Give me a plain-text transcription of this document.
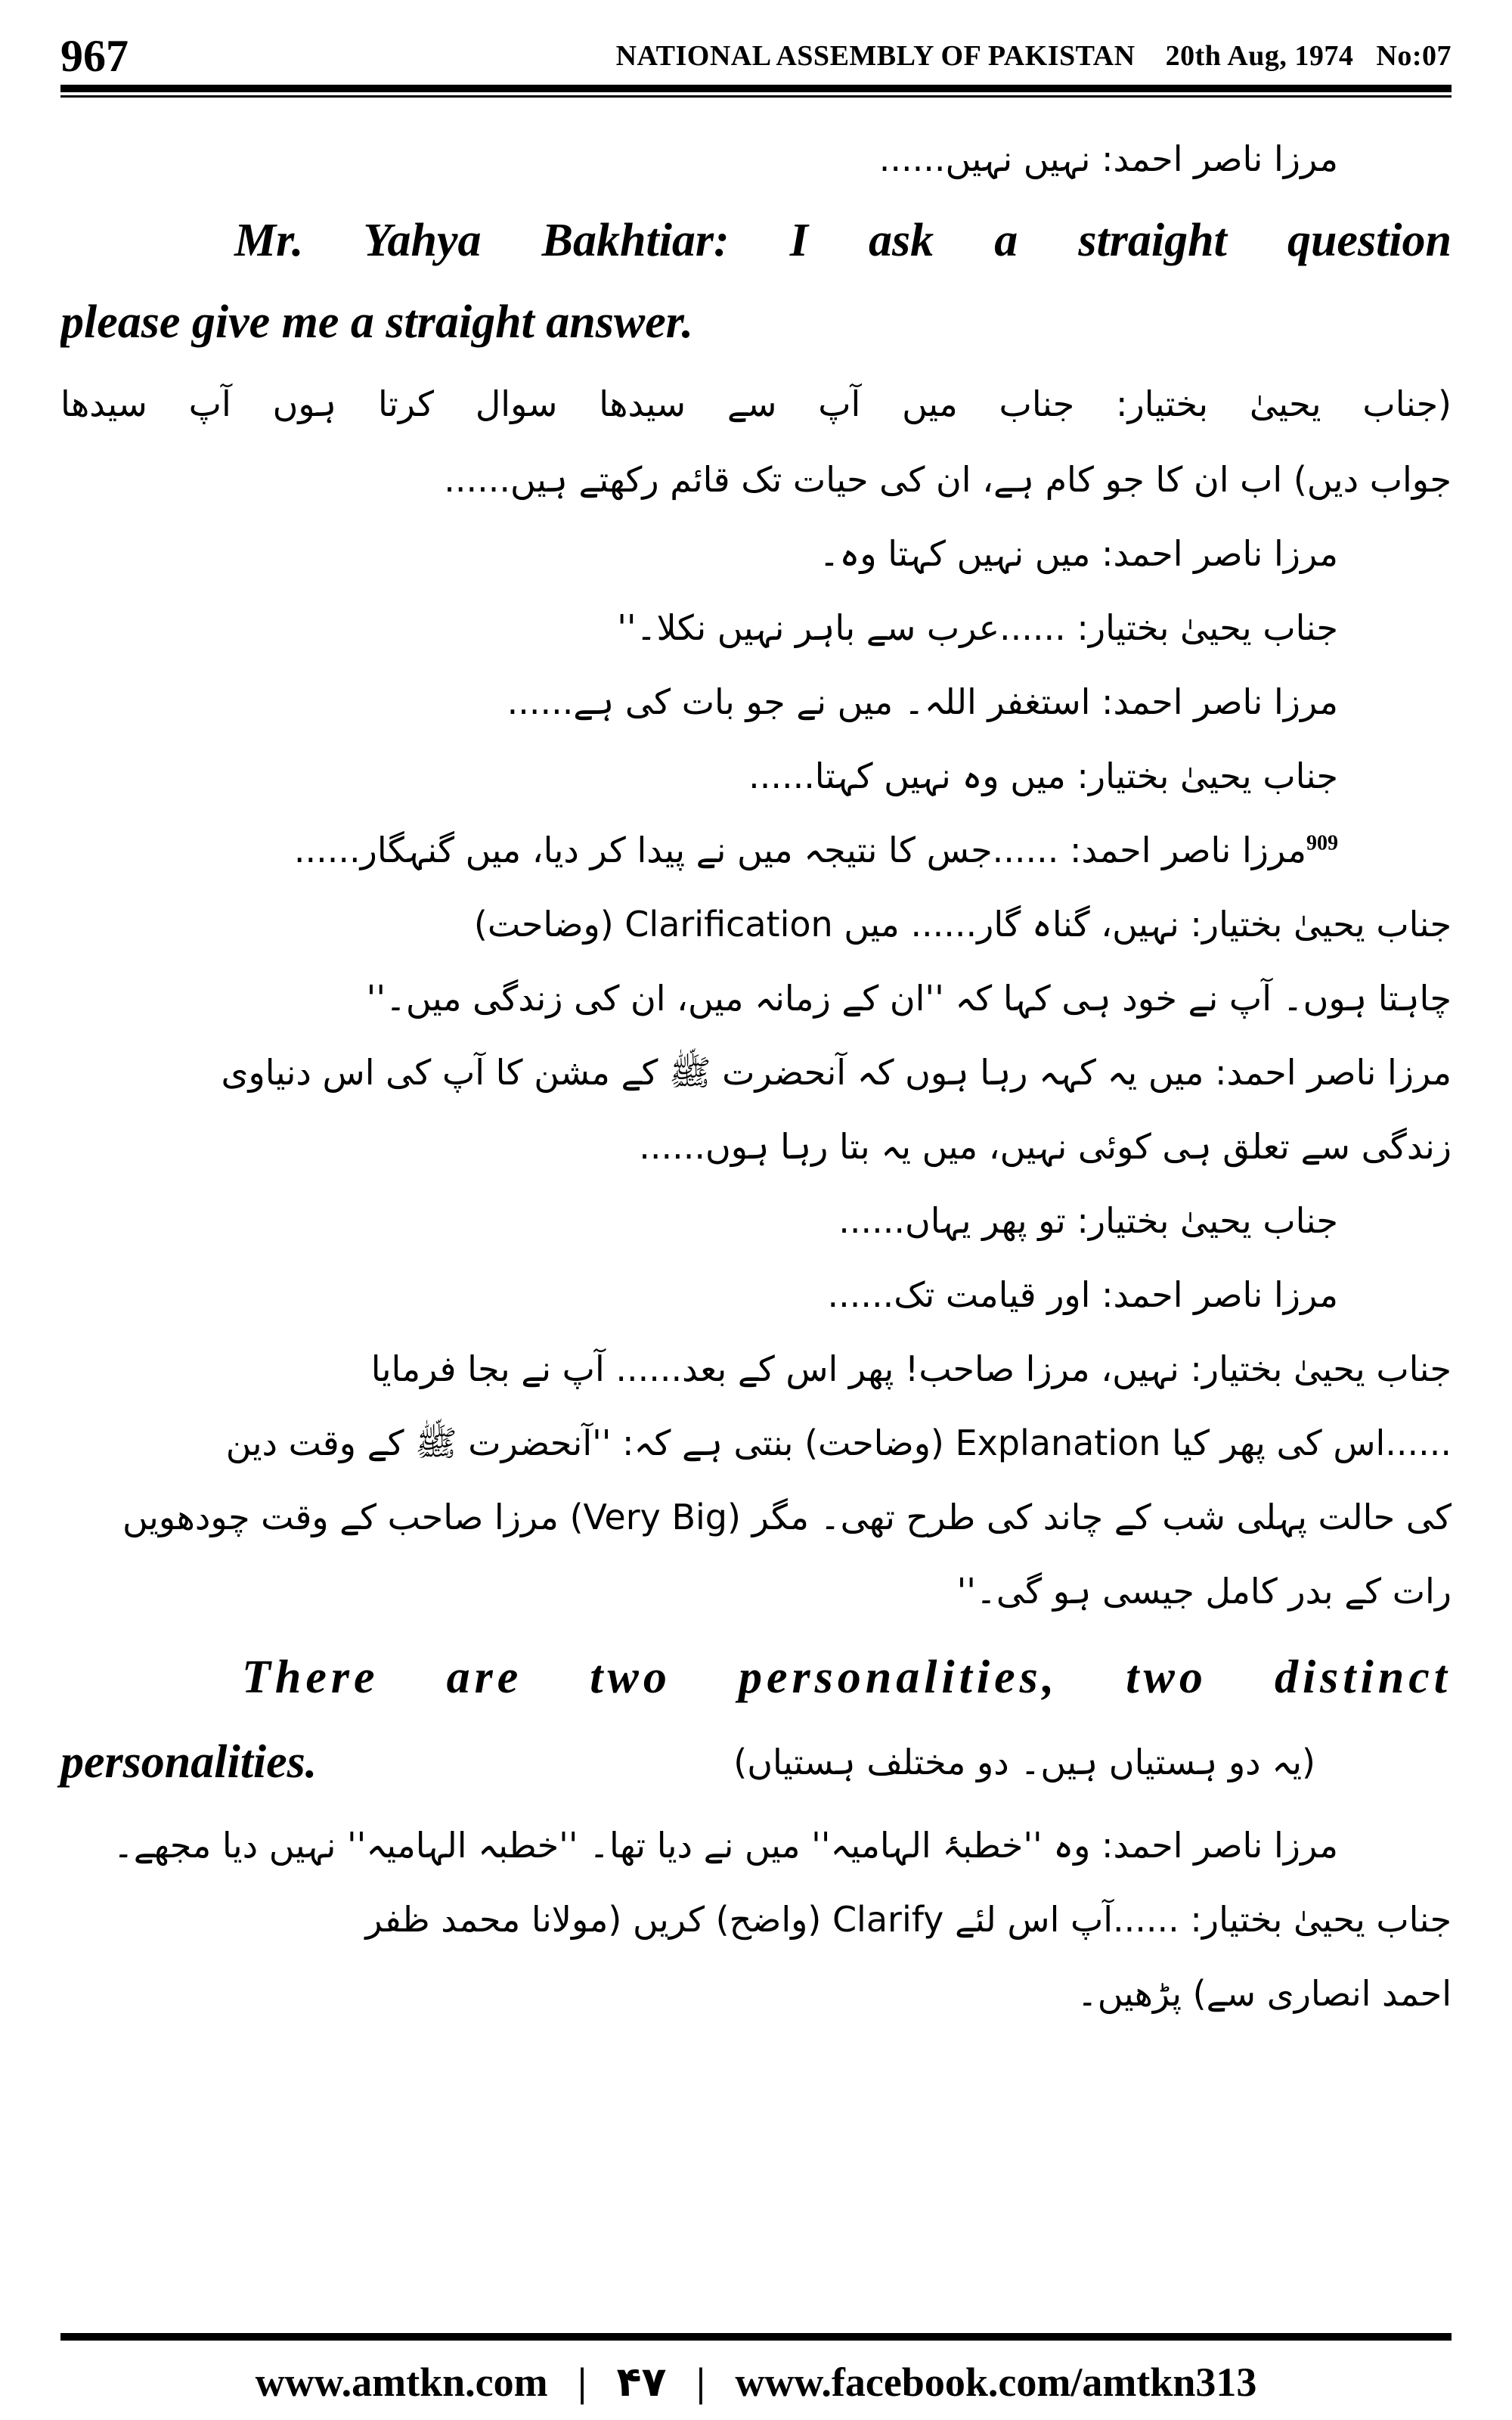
967	NATIONAL ASSEMBLY OF PAKISTAN 20th Aug, 1974 No:07
مرزا ناصر احمد: نہیں نہیں......
Mr. Yahya Bakhtiar: I ask a straight question
please give me a straight answer.
(جناب یحییٰ بختیار: جناب میں آپ سے سیدھا سوال کرتا ہوں آپ سیدھا
جواب دیں) اب ان کا جو کام ہے، ان کی حیات تک قائم رکھتے ہیں......
مرزا ناصر احمد: میں نہیں کہتا وہ۔
جناب یحییٰ بختیار: ......عرب سے باہر نہیں نکلا۔''
مرزا ناصر احمد: استغفر اللہ۔ میں نے جو بات کی ہے......
جناب یحییٰ بختیار: میں وہ نہیں کہتا......
$^{909}$مرزا ناصر احمد: ......جس کا نتیجہ میں نے پیدا کر دیا، میں گنہگار......
جناب یحییٰ بختیار: نہیں، گناہ گار...... میں Clarification (وضاحت)
چاہتا ہوں۔ آپ نے خود ہی کہا کہ ''ان کے زمانہ میں، ان کی زندگی میں۔''
مرزا ناصر احمد: میں یہ کہہ رہا ہوں کہ آنحضرت ﷺ کے مشن کا آپ کی اس دنیاوی
زندگی سے تعلق ہی کوئی نہیں، میں یہ بتا رہا ہوں......
جناب یحییٰ بختیار: تو پھر یہاں......
مرزا ناصر احمد: اور قیامت تک......
جناب یحییٰ بختیار: نہیں، مرزا صاحب! پھر اس کے بعد...... آپ نے بجا فرمایا
......اس کی پھر کیا Explanation (وضاحت) بنتی ہے کہ: ''آنحضرت ﷺ کے وقت دین
کی حالت پہلی شب کے چاند کی طرح تھی۔ مگر (Very Big) مرزا صاحب کے وقت چودھویں
رات کے بدر کامل جیسی ہو گی۔''
There are two personalities, two distinct
personalities.	(یہ دو ہستیاں ہیں۔ دو مختلف ہستیاں)
مرزا ناصر احمد: وہ ''خطبۂ الہامیہ'' میں نے دیا تھا۔ ''خطبہ الہامیہ'' نہیں دیا مجھے۔
جناب یحییٰ بختیار: ......آپ اس لئے Clarify (واضح) کریں (مولانا محمد ظفر
احمد انصاری سے) پڑھیں۔
www.amtkn.com | ۴۷ | www.facebook.com/amtkn313
